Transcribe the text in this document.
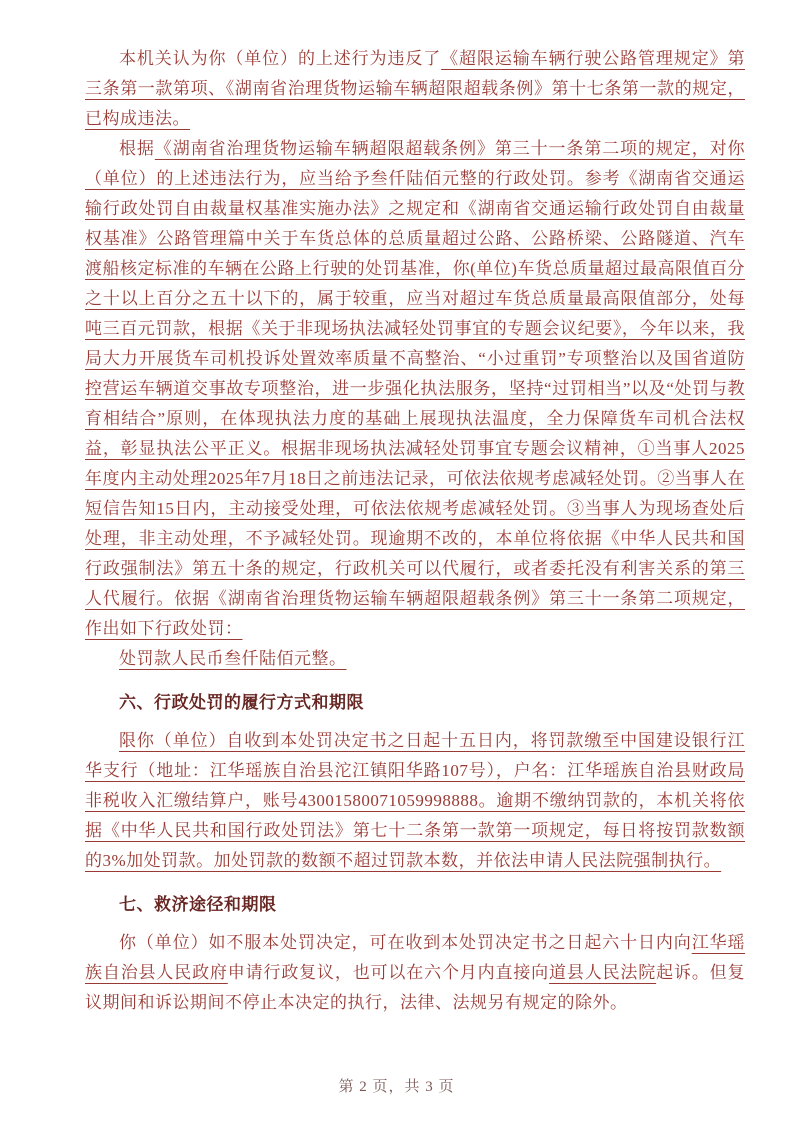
本机关认为你（单位）的上述行为违反了《超限运输车辆行驶公路管理规定》第三条第一款第项、《湖南省治理货物运输车辆超限超载条例》第十七条第一款的规定，已构成违法。

根据《湖南省治理货物运输车辆超限超载条例》第三十一条第二项的规定，对你（单位）的上述违法行为，应当给予叁仟陆佰元整的行政处罚。参考《湖南省交通运输行政处罚自由裁量权基准实施办法》之规定和《湖南省交通运输行政处罚自由裁量权基准》公路管理篇中关于车货总体的总质量超过公路、公路桥梁、公路隧道、汽车渡船核定标准的车辆在公路上行驶的处罚基准，你(单位)车货总质量超过最高限值百分之十以上百分之五十以下的，属于较重，应当对超过车货总质量最高限值部分，处每吨三百元罚款，根据《关于非现场执法减轻处罚事宜的专题会议纪要》，今年以来，我局大力开展货车司机投诉处置效率质量不高整治、“小过重罚”专项整治以及国省道防控营运车辆道交事故专项整治，进一步强化执法服务，坚持“过罚相当”以及“处罚与教育相结合”原则，在体现执法力度的基础上展现执法温度，全力保障货车司机合法权益，彰显执法公平正义。根据非现场执法减轻处罚事宜专题会议精神，①当事人2025年度内主动处理2025年7月18日之前违法记录，可依法依规考虑减轻处罚。②当事人在短信告知15日内，主动接受处理，可依法依规考虑减轻处罚。③当事人为现场查处后处理，非主动处理，不予减轻处罚。现逾期不改的，本单位将依据《中华人民共和国行政强制法》第五十条的规定，行政机关可以代履行，或者委托没有利害关系的第三人代履行。依据《湖南省治理货物运输车辆超限超载条例》第三十一条第二项规定，作出如下行政处罚：

处罚款人民币叁仟陆佰元整。

六、行政处罚的履行方式和期限

限你（单位）自收到本处罚决定书之日起十五日内，将罚款缴至中国建设银行江华支行（地址：江华瑶族自治县沱江镇阳华路107号），户名：江华瑶族自治县财政局非税收入汇缴结算户，账号43001580071059998888。逾期不缴纳罚款的，本机关将依据《中华人民共和国行政处罚法》第七十二条第一款第一项规定，每日将按罚款数额的3%加处罚款。加处罚款的数额不超过罚款本数，并依法申请人民法院强制执行。

七、救济途径和期限

你（单位）如不服本处罚决定，可在收到本处罚决定书之日起六十日内向江华瑶族自治县人民政府申请行政复议，也可以在六个月内直接向道县人民法院起诉。但复议期间和诉讼期间不停止本决定的执行，法律、法规另有规定的除外。

第 2 页，共 3 页
